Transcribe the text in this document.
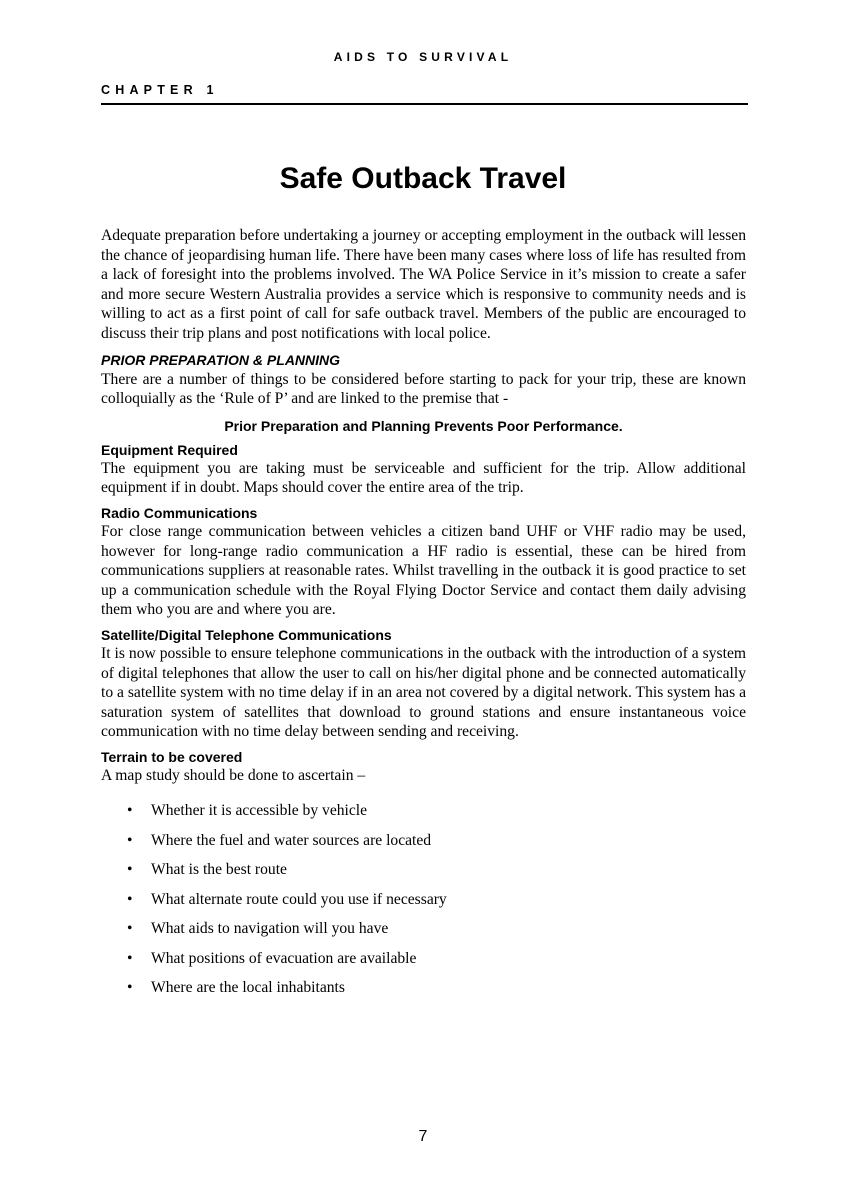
AIDS TO SURVIVAL
CHAPTER 1
Safe Outback Travel

Adequate preparation before undertaking a journey or accepting employment in the outback will lessen the chance of jeopardising human life. There have been many cases where loss of life has resulted from a lack of foresight into the problems involved. The WA Police Service in it’s mission to create a safer and more secure Western Australia provides a service which is responsive to community needs and is willing to act as a first point of call for safe outback travel. Members of the public are encouraged to discuss their trip plans and post notifications with local police.

PRIOR PREPARATION & PLANNING

There are a number of things to be considered before starting to pack for your trip, these are known colloquially as the ‘Rule of P’ and are linked to the premise that -

Prior Preparation and Planning Prevents Poor Performance.
Equipment Required

The equipment you are taking must be serviceable and sufficient for the trip. Allow additional equipment if in doubt. Maps should cover the entire area of the trip.

Radio Communications

For close range communication between vehicles a citizen band UHF or VHF radio may be used, however for long-range radio communication a HF radio is essential, these can be hired from communications suppliers at reasonable rates. Whilst travelling in the outback it is good practice to set up a communication schedule with the Royal Flying Doctor Service and contact them daily advising them who you are and where you are.

Satellite/Digital Telephone Communications

It is now possible to ensure telephone communications in the outback with the introduction of a system of digital telephones that allow the user to call on his/her digital phone and be connected automatically to a satellite system with no time delay if in an area not covered by a digital network. This system has a saturation system of satellites that download to ground stations and ensure instantaneous voice communication with no time delay between sending and receiving.

Terrain to be covered

A map study should be done to ascertain –

• Whether it is accessible by vehicle
• Where the fuel and water sources are located
• What is the best route
• What alternate route could you use if necessary
• What aids to navigation will you have
• What positions of evacuation are available
• Where are the local inhabitants
7
